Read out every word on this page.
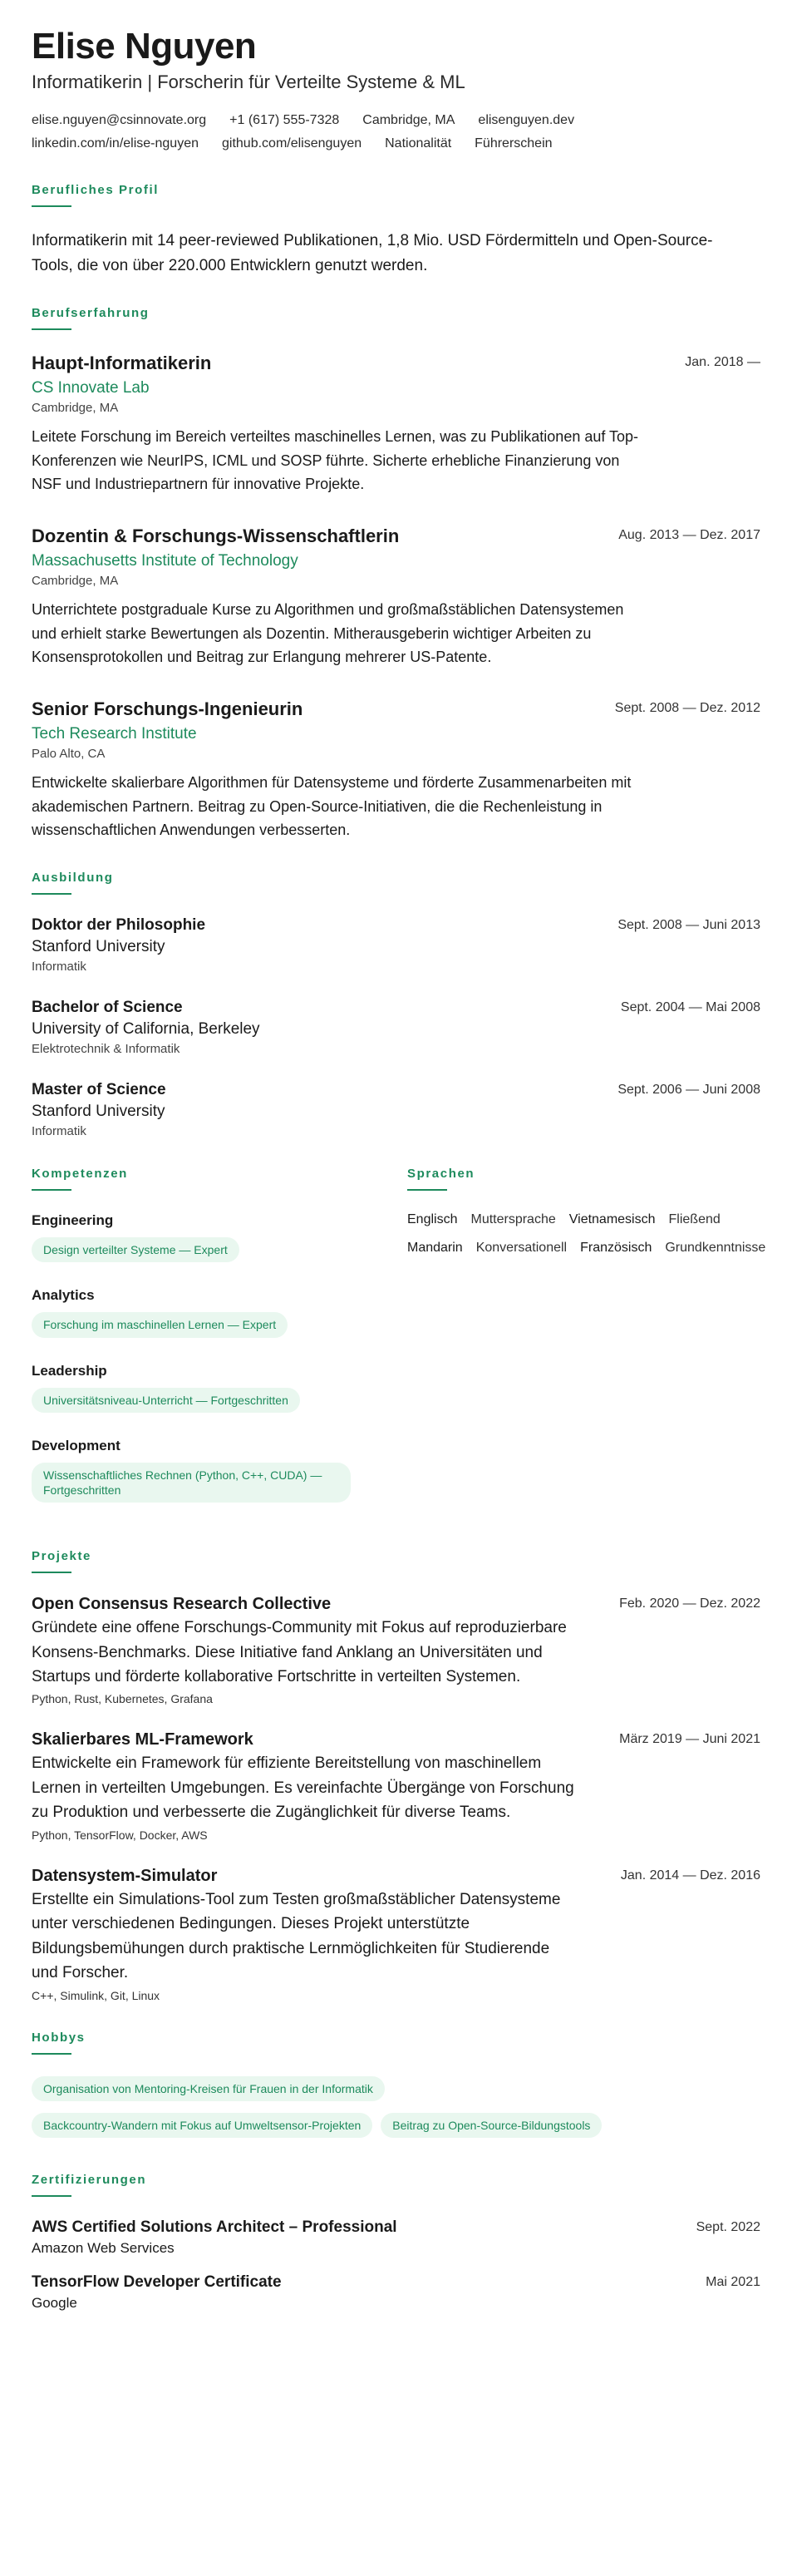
Elise Nguyen
Informatikerin | Forscherin für Verteilte Systeme & ML
elise.nguyen@csinnovate.org +1 (617) 555-7328 Cambridge, MA elisenguyen.dev
linkedin.com/in/elise-nguyen github.com/elisenguyen Nationalität Führerschein
Berufliches Profil

Informatikerin mit 14 peer-reviewed Publikationen, 1,8 Mio. USD Fördermitteln und Open-Source-Tools, die von über 220.000 Entwicklern genutzt werden.

Berufserfahrung
Jan. 2018 —
Haupt-Informatikerin
CS Innovate Lab
Cambridge, MA

Leitete Forschung im Bereich verteiltes maschinelles Lernen, was zu Publikationen auf Top-Konferenzen wie NeurIPS, ICML und SOSP führte. Sicherte erhebliche Finanzierung von NSF und Industriepartnern für innovative Projekte.

Aug. 2013 — Dez. 2017
Dozentin & Forschungs-Wissenschaftlerin
Massachusetts Institute of Technology
Cambridge, MA

Unterrichtete postgraduale Kurse zu Algorithmen und großmaßstäblichen Datensystemen und erhielt starke Bewertungen als Dozentin. Mitherausgeberin wichtiger Arbeiten zu Konsensprotokollen und Beitrag zur Erlangung mehrerer US-Patente.

Sept. 2008 — Dez. 2012
Senior Forschungs-Ingenieurin
Tech Research Institute
Palo Alto, CA

Entwickelte skalierbare Algorithmen für Datensysteme und förderte Zusammenarbeiten mit akademischen Partnern. Beitrag zu Open-Source-Initiativen, die die Rechenleistung in wissenschaftlichen Anwendungen verbesserten.

Ausbildung
Sept. 2008 — Juni 2013
Doktor der Philosophie
Stanford University
Informatik
Sept. 2004 — Mai 2008
Bachelor of Science
University of California, Berkeley
Elektrotechnik & Informatik
Sept. 2006 — Juni 2008
Master of Science
Stanford University
Informatik
Kompetenzen
Engineering
Design verteilter Systeme — Expert
Analytics
Forschung im maschinellen Lernen — Expert
Leadership
Universitätsniveau-Unterricht — Fortgeschritten
Development
Wissenschaftliches Rechnen (Python, C++, CUDA) — Fortgeschritten
Sprachen
Englisch Muttersprache Vietnamesisch Fließend
Mandarin Konversationell Französisch Grundkenntnisse
Projekte
Feb. 2020 — Dez. 2022
Open Consensus Research Collective

Gründete eine offene Forschungs-Community mit Fokus auf reproduzierbare Konsens-Benchmarks. Diese Initiative fand Anklang an Universitäten und Startups und förderte kollaborative Fortschritte in verteilten Systemen.

Python, Rust, Kubernetes, Grafana

März 2019 — Juni 2021
Skalierbares ML-Framework

Entwickelte ein Framework für effiziente Bereitstellung von maschinellem Lernen in verteilten Umgebungen. Es vereinfachte Übergänge von Forschung zu Produktion und verbesserte die Zugänglichkeit für diverse Teams.

Python, TensorFlow, Docker, AWS

Jan. 2014 — Dez. 2016
Datensystem-Simulator

Erstellte ein Simulations-Tool zum Testen großmaßstäblicher Datensysteme unter verschiedenen Bedingungen. Dieses Projekt unterstützte Bildungsbemühungen durch praktische Lernmöglichkeiten für Studierende und Forscher.

C++, Simulink, Git, Linux

Hobbys
Organisation von Mentoring-Kreisen für Frauen in der Informatik
Backcountry-Wandern mit Fokus auf Umweltsensor-Projekten	Beitrag zu Open-Source-Bildungstools
Zertifizierungen
Sept. 2022
AWS Certified Solutions Architect – Professional
Amazon Web Services
Mai 2021
TensorFlow Developer Certificate
Google
